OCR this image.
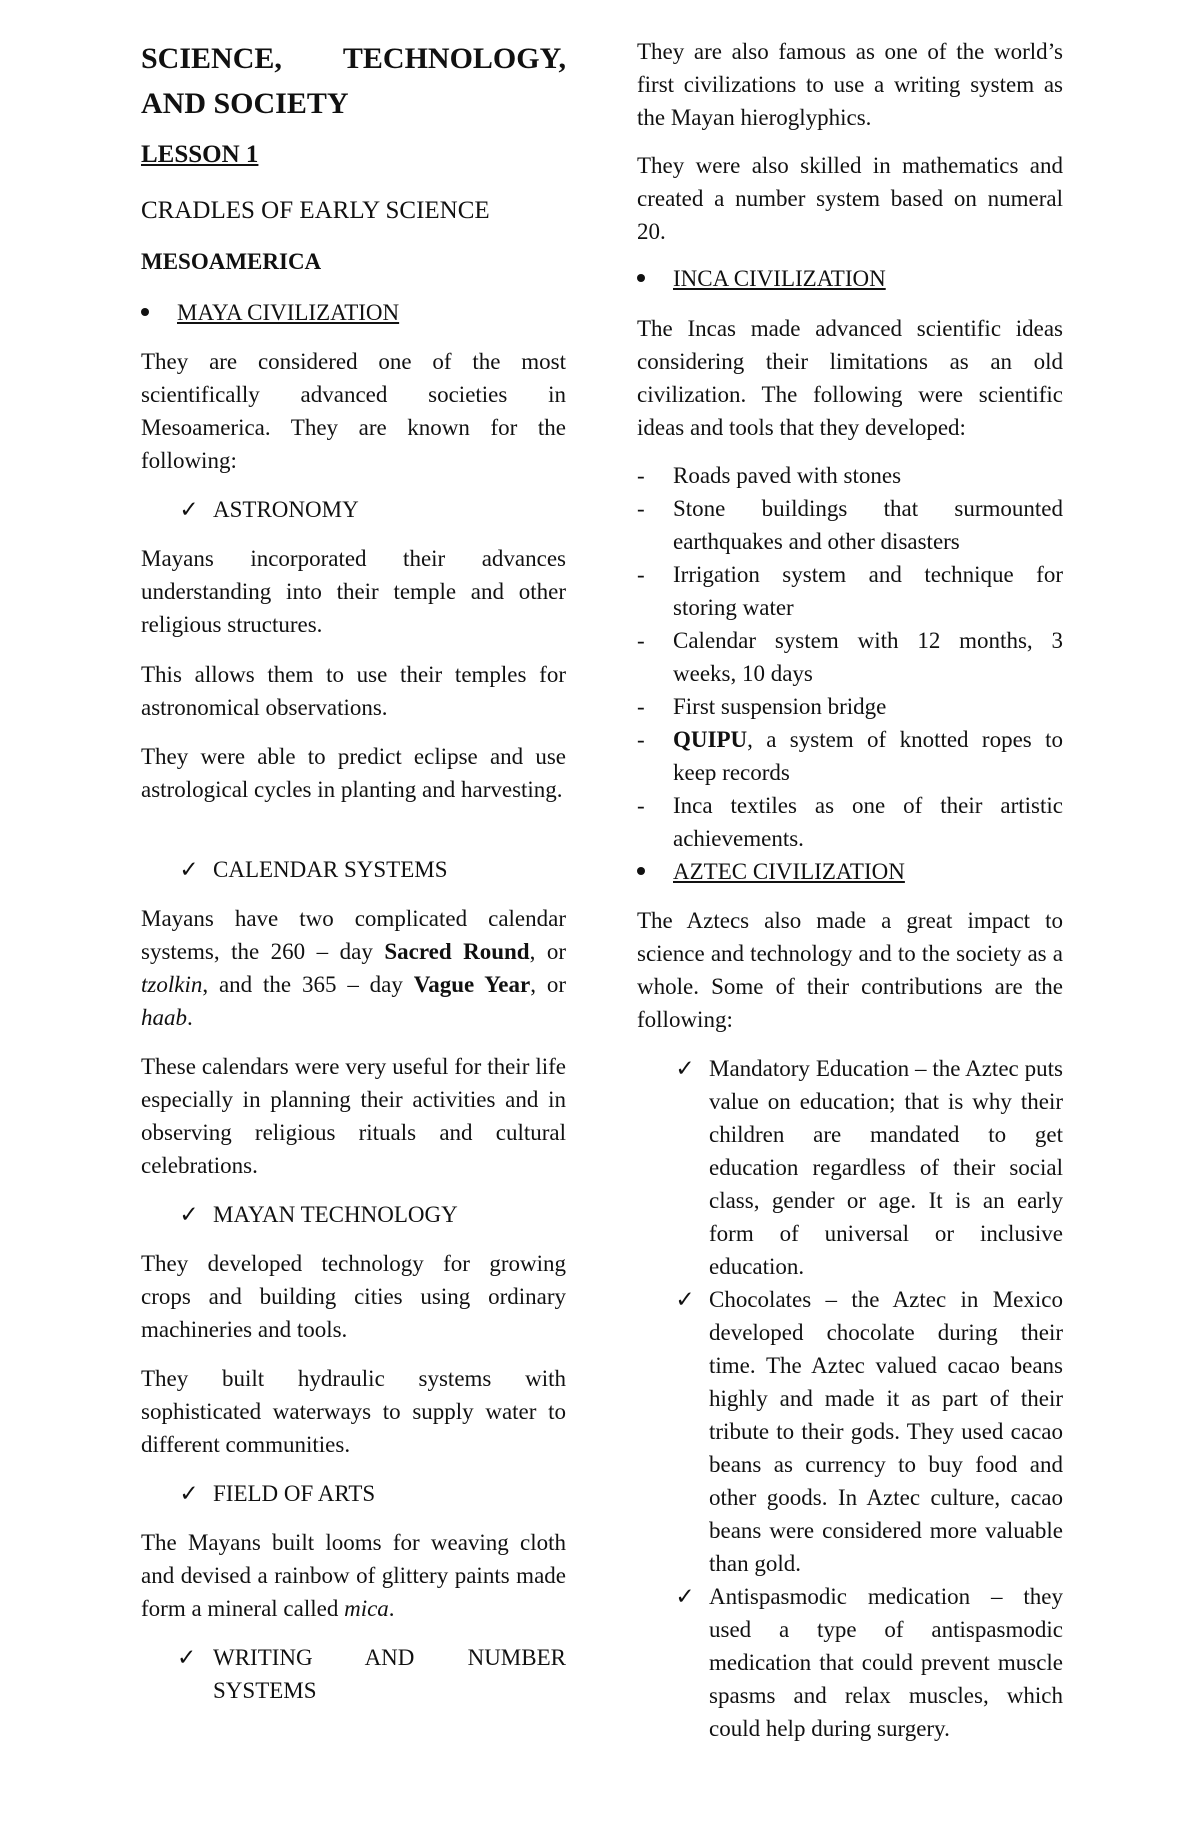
SCIENCE, TECHNOLOGY, AND SOCIETY
LESSON 1
CRADLES OF EARLY SCIENCE
MESOAMERICA
MAYA CIVILIZATION

They are considered one of the most scientifically advanced societies in Mesoamerica. They are known for the following:

✓ ASTRONOMY

Mayans incorporated their advances understanding into their temple and other religious structures.

This allows them to use their temples for astronomical observations.

They were able to predict eclipse and use astrological cycles in planting and harvesting.

✓ CALENDAR SYSTEMS

Mayans have two complicated calendar systems, the 260 – day Sacred Round, or tzolkin, and the 365 – day Vague Year, or haab.

These calendars were very useful for their life especially in planning their activities and in observing religious rituals and cultural celebrations.

✓ MAYAN TECHNOLOGY

They developed technology for growing crops and building cities using ordinary machineries and tools.

They built hydraulic systems with sophisticated waterways to supply water to different communities.

✓ FIELD OF ARTS

The Mayans built looms for weaving cloth and devised a rainbow of glittery paints made form a mineral called mica.

✓ WRITING AND NUMBER SYSTEMS

They are also famous as one of the world’s first civilizations to use a writing system as the Mayan hieroglyphics.

They were also skilled in mathematics and created a number system based on numeral 20.

INCA CIVILIZATION

The Incas made advanced scientific ideas considering their limitations as an old civilization. The following were scientific ideas and tools that they developed:

- Roads paved with stones
- Stone buildings that surmounted earthquakes and other disasters
- Irrigation system and technique for storing water
- Calendar system with 12 months, 3 weeks, 10 days
- First suspension bridge
- QUIPU, a system of knotted ropes to keep records
- Inca textiles as one of their artistic achievements.
AZTEC CIVILIZATION

The Aztecs also made a great impact to science and technology and to the society as a whole. Some of their contributions are the following:

✓ Mandatory Education – the Aztec puts value on education; that is why their children are mandated to get education regardless of their social class, gender or age. It is an early form of universal or inclusive education.
✓ Chocolates – the Aztec in Mexico developed chocolate during their time. The Aztec valued cacao beans highly and made it as part of their tribute to their gods. They used cacao beans as currency to buy food and other goods. In Aztec culture, cacao beans were considered more valuable than gold.
✓ Antispasmodic medication – they used a type of antispasmodic medication that could prevent muscle spasms and relax muscles, which could help during surgery.
